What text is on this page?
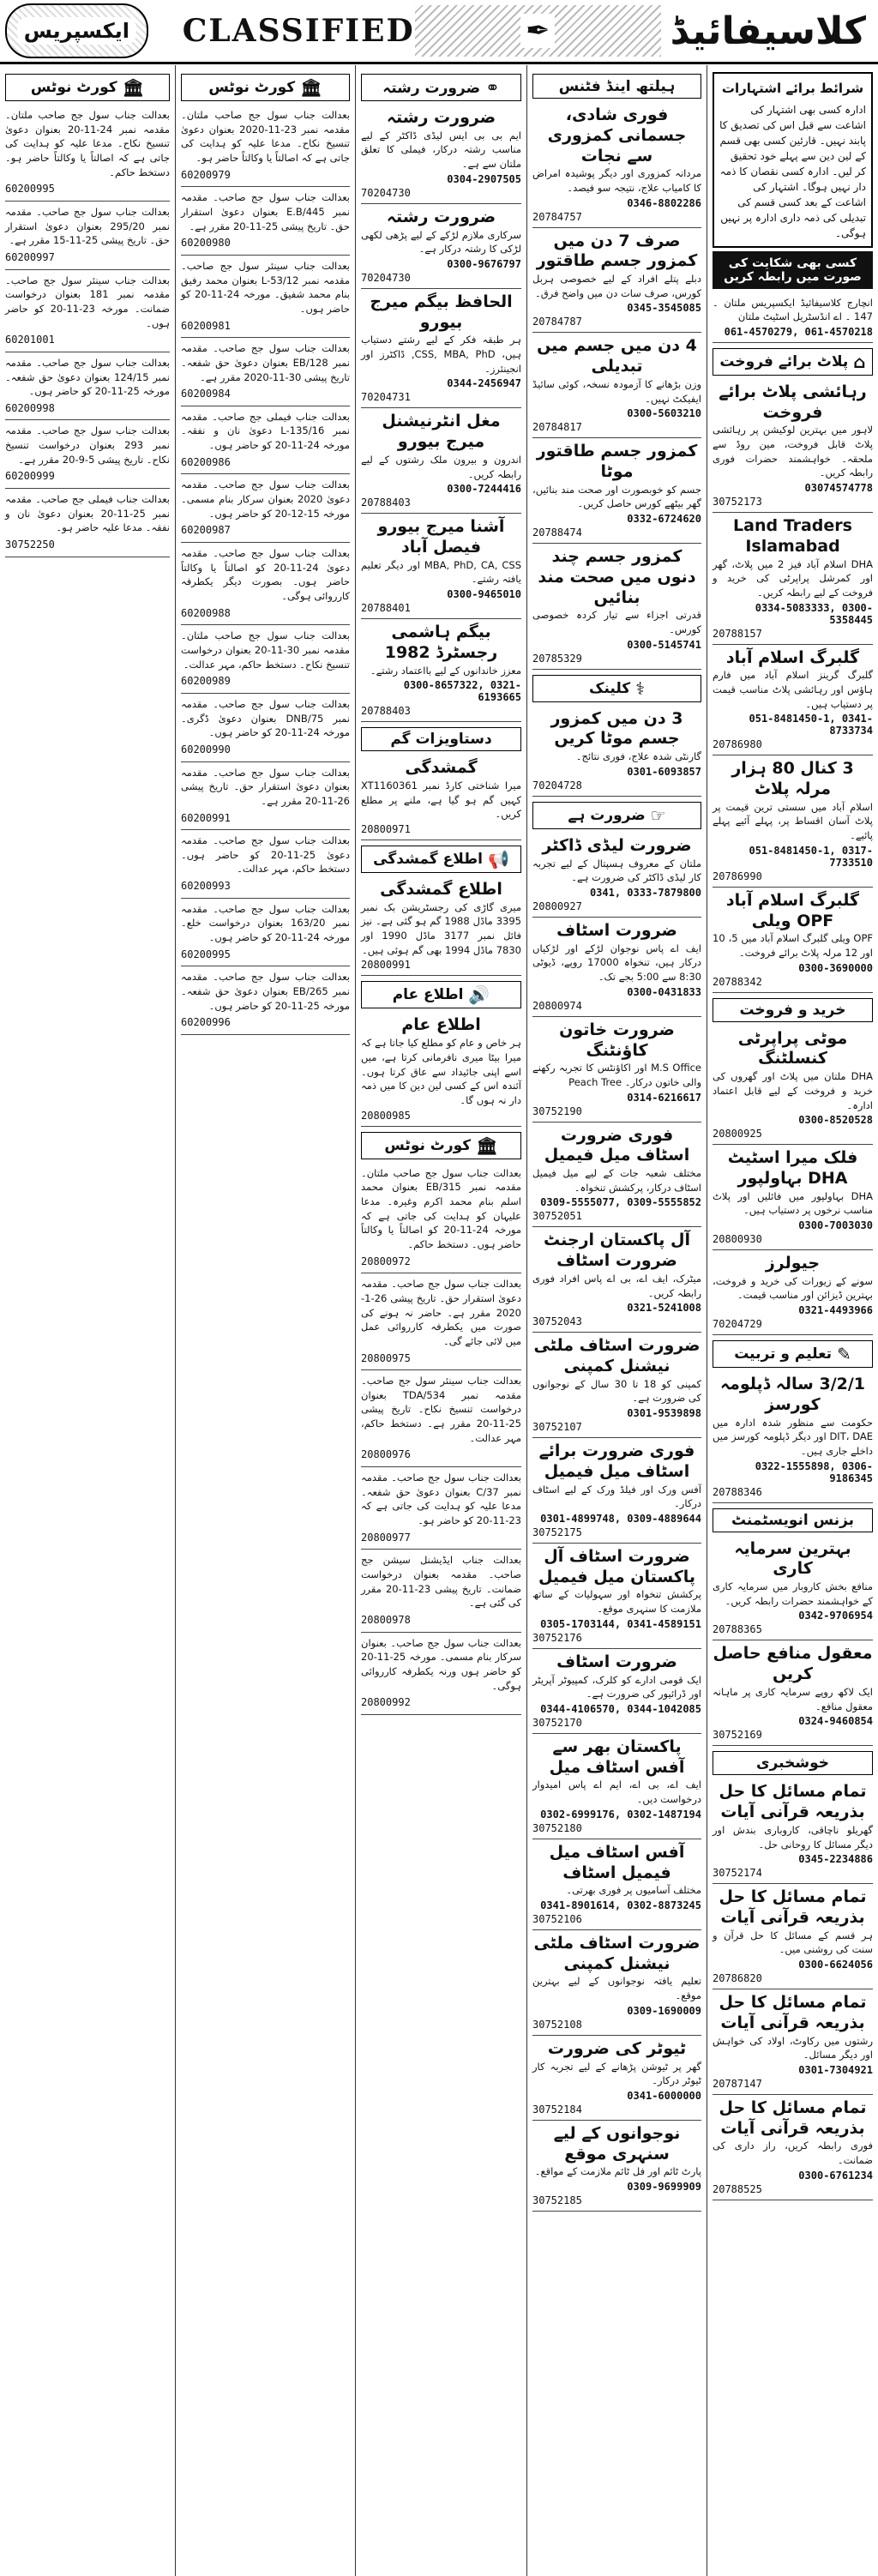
ایکسپریس	CLASSIFIED	✒	کلاسیفائیڈ
شرائط برائے اشتہارات
ادارہ کسی بھی اشتہار کی اشاعت سے قبل اس کی تصدیق کا پابند نہیں۔ قارئین کسی بھی قسم کے لین دین سے پہلے خود تحقیق کر لیں۔ ادارہ کسی نقصان کا ذمہ دار نہیں ہوگا۔ اشتہار کی اشاعت کے بعد کسی قسم کی تبدیلی کی ذمہ داری ادارہ پر نہیں ہوگی۔
کسی بھی شکایت کی صورت میں رابطہ کریں
انچارج کلاسیفائیڈ ایکسپریس ملتان ۔ 147 ۔ اے انڈسٹریل اسٹیٹ ملتان
061-4570279, 061-4570218
⌂
پلاٹ برائے فروخت
رہائشی پلاٹ برائے فروخت
لاہور میں بہترین لوکیشن پر رہائشی پلاٹ قابل فروخت، مین روڈ سے ملحقہ۔ خواہشمند حضرات فوری رابطہ کریں۔
03074574778
30752173
Land Traders Islamabad
DHA اسلام آباد فیز 2 میں پلاٹ، گھر اور کمرشل پراپرٹی کی خرید و فروخت کے لیے رابطہ کریں۔
0334-5083333, 0300-5358445
20788157
گلبرگ اسلام آباد
گلبرگ گرینز اسلام آباد میں فارم ہاؤس اور رہائشی پلاٹ مناسب قیمت پر دستیاب ہیں۔
051-8481450-1, 0341-8733734
20786980
3 کنال 80 ہزار مرلہ پلاٹ
اسلام آباد میں سستی ترین قیمت پر پلاٹ آسان اقساط پر، پہلے آئیے پہلے پائیے۔
051-8481450-1, 0317-7733510
20786990
گلبرگ اسلام آباد OPF ویلی
OPF ویلی گلبرگ اسلام آباد میں 5، 10 اور 12 مرلہ پلاٹ برائے فروخت۔
0300-3690000
20788342
خرید و فروخت
موٹی پراپرٹی کنسلٹنگ
DHA ملتان میں پلاٹ اور گھروں کی خرید و فروخت کے لیے قابل اعتماد ادارہ۔
0300-8520528
20800925
فلک میرا اسٹیٹ DHA بہاولپور
DHA بہاولپور میں فائلیں اور پلاٹ مناسب نرخوں پر دستیاب ہیں۔
0300-7003030
20800930
جیولرز
سونے کے زیورات کی خرید و فروخت، بہترین ڈیزائن اور مناسب قیمت۔
0321-4493966
70204729
✎
تعلیم و تربیت
3/2/1 سالہ ڈپلومہ کورسز
حکومت سے منظور شدہ ادارہ میں DIT، DAE اور دیگر ڈپلومہ کورسز میں داخلے جاری ہیں۔
0322-1555898, 0306-9186345
20788346
بزنس انویسٹمنٹ
بہترین سرمایہ کاری
منافع بخش کاروبار میں سرمایہ کاری کے خواہشمند حضرات رابطہ کریں۔
0342-9706954
20788365
معقول منافع حاصل کریں
ایک لاکھ روپے سرمایہ کاری پر ماہانہ معقول منافع۔
0324-9460854
30752169
خوشخبری
تمام مسائل کا حل بذریعہ قرآنی آیات
گھریلو ناچاقی، کاروباری بندش اور دیگر مسائل کا روحانی حل۔
0345-2234886
30752174
تمام مسائل کا حل بذریعہ قرآنی آیات
ہر قسم کے مسائل کا حل قرآن و سنت کی روشنی میں۔
0300-6624056
20786820
تمام مسائل کا حل بذریعہ قرآنی آیات
رشتوں میں رکاوٹ، اولاد کی خواہش اور دیگر مسائل۔
0301-7304921
20787147
تمام مسائل کا حل بذریعہ قرآنی آیات
فوری رابطہ کریں، راز داری کی ضمانت۔
0300-6761234
20788525
ہیلتھ اینڈ فٹنس
فوری شادی، جسمانی کمزوری سے نجات
مردانہ کمزوری اور دیگر پوشیدہ امراض کا کامیاب علاج، نتیجہ سو فیصد۔
0346-8802286
20784757
صرف 7 دن میں کمزور جسم طاقتور
دبلے پتلے افراد کے لیے خصوصی ہربل کورس، صرف سات دن میں واضح فرق۔
0345-3545085
20784787
4 دن میں جسم میں تبدیلی
وزن بڑھانے کا آزمودہ نسخہ، کوئی سائیڈ ایفیکٹ نہیں۔
0300-5603210
20784817
کمزور جسم طاقتور موٹا
جسم کو خوبصورت اور صحت مند بنائیں، گھر بیٹھے کورس حاصل کریں۔
0332-6724620
20788474
کمزور جسم چند دنوں میں صحت مند بنائیں
قدرتی اجزاء سے تیار کردہ خصوصی کورس۔
0300-5145741
20785329
⚕
کلینک
3 دن میں کمزور جسم موٹا کریں
گارنٹی شدہ علاج، فوری نتائج۔
0301-6093857
70204728
☞
ضرورت ہے
ضرورت لیڈی ڈاکٹر
ملتان کے معروف ہسپتال کے لیے تجربہ کار لیڈی ڈاکٹر کی ضرورت ہے۔
0341, 0333-7879800
20800927
ضرورت اسٹاف
ایف اے پاس نوجوان لڑکے اور لڑکیاں درکار ہیں، تنخواہ 17000 روپے، ڈیوٹی 8:30 سے 5:00 بجے تک۔
0300-0431833
20800974
ضرورت خاتون کاؤنٹنگ
M.S Office اور اکاؤنٹس کا تجربہ رکھنے والی خاتون درکار۔ Peach Tree
0314-6216617
30752190
فوری ضرورت اسٹاف میل فیمیل
مختلف شعبہ جات کے لیے میل فیمیل اسٹاف درکار، پرکشش تنخواہ۔
0309-5555077, 0309-5555852
30752051
آل پاکستان ارجنٹ ضرورت اسٹاف
میٹرک، ایف اے، بی اے پاس افراد فوری رابطہ کریں۔
0321-5241008
30752043
ضرورت اسٹاف ملٹی نیشنل کمپنی
کمپنی کو 18 تا 30 سال کے نوجوانوں کی ضرورت ہے۔
0301-9539898
30752107
فوری ضرورت برائے اسٹاف میل فیمیل
آفس ورک اور فیلڈ ورک کے لیے اسٹاف درکار۔
0301-4899748, 0309-4889644
30752175
ضرورت اسٹاف آل پاکستان میل فیمیل
پرکشش تنخواہ اور سہولیات کے ساتھ ملازمت کا سنہری موقع۔
0305-1703144, 0341-4589151
30752176
ضرورت اسٹاف
ایک قومی ادارے کو کلرک، کمپیوٹر آپریٹر اور ڈرائیور کی ضرورت ہے۔
0344-4106570, 0344-1042085
30752170
پاکستان بھر سے آفس اسٹاف میل
ایف اے، بی اے، ایم اے پاس امیدوار درخواست دیں۔
0302-6999176, 0302-1487194
30752180
آفس اسٹاف میل فیمیل اسٹاف
مختلف آسامیوں پر فوری بھرتی۔
0341-8901614, 0302-8873245
30752106
ضرورت اسٹاف ملٹی نیشنل کمپنی
تعلیم یافتہ نوجوانوں کے لیے بہترین موقع۔
0309-1690009
30752108
ٹیوٹر کی ضرورت
گھر پر ٹیوشن پڑھانے کے لیے تجربہ کار ٹیوٹر درکار۔
0341-6000000
30752184
نوجوانوں کے لیے سنہری موقع
پارٹ ٹائم اور فل ٹائم ملازمت کے مواقع۔
0309-9699909
30752185
⚭
ضرورت رشتہ
ضرورت رشتہ
ایم بی بی ایس لیڈی ڈاکٹر کے لیے مناسب رشتہ درکار، فیملی کا تعلق ملتان سے ہے۔
0304-2907505
70204730
ضرورت رشتہ
سرکاری ملازم لڑکے کے لیے پڑھی لکھی لڑکی کا رشتہ درکار ہے۔
0300-9676797
70204730
الحافظ بیگم میرج بیورو
ہر طبقہ فکر کے لیے رشتے دستیاب ہیں، CSS, MBA, PhD, ڈاکٹرز اور انجینئرز۔
0344-2456947
70204731
مغل انٹرنیشنل میرج بیورو
اندرون و بیرون ملک رشتوں کے لیے رابطہ کریں۔
0300-7244416
20788403
آشنا میرج بیورو فیصل آباد
MBA, PhD, CA, CSS اور دیگر تعلیم یافتہ رشتے۔
0300-9465010
20788401
بیگم ہاشمی رجسٹرڈ 1982
معزز خاندانوں کے لیے بااعتماد رشتے۔
0300-8657322, 0321-6193665
20788403
دستاویزات گم
گمشدگی
میرا شناختی کارڈ نمبر XT1160361 کہیں گم ہو گیا ہے، ملنے پر مطلع کریں۔
20800971
📢
اطلاع گمشدگی
اطلاع گمشدگی
میری گاڑی کی رجسٹریشن بک نمبر 3395 ماڈل 1988 گم ہو گئی ہے۔ نیز فائل نمبر 3177 ماڈل 1990 اور 7830 ماڈل 1994 بھی گم ہوئی ہیں۔
20800991
🔊
اطلاع عام
اطلاع عام
ہر خاص و عام کو مطلع کیا جاتا ہے کہ میرا بیٹا میری نافرمانی کرتا ہے، میں اسے اپنی جائیداد سے عاق کرتا ہوں۔ آئندہ اس کے کسی لین دین کا میں ذمہ دار نہ ہوں گا۔
20800985
🏛
کورٹ نوٹس
بعدالت جناب سول جج صاحب ملتان۔ مقدمہ نمبر 315/EB بعنوان محمد اسلم بنام محمد اکرم وغیرہ۔ مدعا علیہان کو ہدایت کی جاتی ہے کہ مورخہ 24-11-20 کو اصالتاً یا وکالتاً حاضر ہوں۔ دستخط حاکم۔
20800972
بعدالت جناب سول جج صاحب۔ مقدمہ دعویٰ استقرار حق۔ تاریخ پیشی 26-1-2020 مقرر ہے۔ حاضر نہ ہونے کی صورت میں یکطرفہ کارروائی عمل میں لائی جائے گی۔
20800975
بعدالت جناب سینئر سول جج صاحب۔ مقدمہ نمبر 534/TDA بعنوان درخواست تنسیخ نکاح۔ تاریخ پیشی 25-11-20 مقرر ہے۔ دستخط حاکم، مہر عدالت۔
20800976
بعدالت جناب سول جج صاحب۔ مقدمہ نمبر 37/C بعنوان دعویٰ حق شفعہ۔ مدعا علیہ کو ہدایت کی جاتی ہے کہ 23-11-20 کو حاضر ہو۔
20800977
بعدالت جناب ایڈیشنل سیشن جج صاحب۔ مقدمہ بعنوان درخواست ضمانت۔ تاریخ پیشی 23-11-20 مقرر کی گئی ہے۔
20800978
بعدالت جناب سول جج صاحب۔ بعنوان سرکار بنام مسمی۔ مورخہ 25-11-20 کو حاضر ہوں ورنہ یکطرفہ کارروائی ہوگی۔
20800992
🏛
کورٹ نوٹس
بعدالت جناب سول جج صاحب ملتان۔ مقدمہ نمبر 23-11-2020 بعنوان دعویٰ تنسیخ نکاح۔ مدعا علیہ کو ہدایت کی جاتی ہے کہ اصالتاً یا وکالتاً حاضر ہو۔
60200979
بعدالت جناب سول جج صاحب۔ مقدمہ نمبر 445/E.B بعنوان دعویٰ استقرار حق۔ تاریخ پیشی 25-11-20 مقرر ہے۔
60200980
بعدالت جناب سینئر سول جج صاحب۔ مقدمہ نمبر 53/12-L بعنوان محمد رفیق بنام محمد شفیق۔ مورخہ 24-11-20 کو حاضر ہوں۔
60200981
بعدالت جناب سول جج صاحب۔ مقدمہ نمبر 128/EB بعنوان دعویٰ حق شفعہ۔ تاریخ پیشی 30-11-2020 مقرر ہے۔
60200984
بعدالت جناب فیملی جج صاحب۔ مقدمہ نمبر 135/16-L دعویٰ نان و نفقہ۔ مورخہ 24-11-20 کو حاضر ہوں۔
60200986
بعدالت جناب سول جج صاحب۔ مقدمہ دعویٰ 2020 بعنوان سرکار بنام مسمی۔ مورخہ 15-12-20 کو حاضر ہوں۔
60200987
بعدالت جناب سول جج صاحب۔ مقدمہ دعویٰ 24-11-20 کو اصالتاً یا وکالتاً حاضر ہوں۔ بصورت دیگر یکطرفہ کارروائی ہوگی۔
60200988
بعدالت جناب سول جج صاحب ملتان۔ مقدمہ نمبر 30-11-20 بعنوان درخواست تنسیخ نکاح۔ دستخط حاکم، مہر عدالت۔
60200989
بعدالت جناب سول جج صاحب۔ مقدمہ نمبر 75/DNB بعنوان دعویٰ ڈگری۔ مورخہ 24-11-20 کو حاضر ہوں۔
60200990
بعدالت جناب سول جج صاحب۔ مقدمہ بعنوان دعویٰ استقرار حق۔ تاریخ پیشی 26-11-20 مقرر ہے۔
60200991
بعدالت جناب سول جج صاحب۔ مقدمہ دعویٰ 25-11-20 کو حاضر ہوں۔ دستخط حاکم، مہر عدالت۔
60200993
بعدالت جناب سول جج صاحب۔ مقدمہ نمبر 163/20 بعنوان درخواست خلع۔ مورخہ 24-11-20 کو حاضر ہوں۔
60200995
بعدالت جناب سول جج صاحب۔ مقدمہ نمبر 265/EB بعنوان دعویٰ حق شفعہ۔ مورخہ 25-11-20 کو حاضر ہوں۔
60200996
🏛
کورٹ نوٹس
بعدالت جناب سول جج صاحب ملتان۔ مقدمہ نمبر 24-11-20 بعنوان دعویٰ تنسیخ نکاح۔ مدعا علیہ کو ہدایت کی جاتی ہے کہ اصالتاً یا وکالتاً حاضر ہو۔ دستخط حاکم۔
60200995
بعدالت جناب سول جج صاحب۔ مقدمہ نمبر 295/20 بعنوان دعویٰ استقرار حق۔ تاریخ پیشی 25-11-15 مقرر ہے۔
60200997
بعدالت جناب سینئر سول جج صاحب۔ مقدمہ نمبر 181 بعنوان درخواست ضمانت۔ مورخہ 23-11-20 کو حاضر ہوں۔
60201001
بعدالت جناب سول جج صاحب۔ مقدمہ نمبر 124/15 بعنوان دعویٰ حق شفعہ۔ مورخہ 25-11-20 کو حاضر ہوں۔
60200998
بعدالت جناب سول جج صاحب۔ مقدمہ نمبر 293 بعنوان درخواست تنسیخ نکاح۔ تاریخ پیشی 5-9-20 مقرر ہے۔
60200999
بعدالت جناب فیملی جج صاحب۔ مقدمہ نمبر 25-11-20 بعنوان دعویٰ نان و نفقہ۔ مدعا علیہ حاضر ہو۔
30752250
